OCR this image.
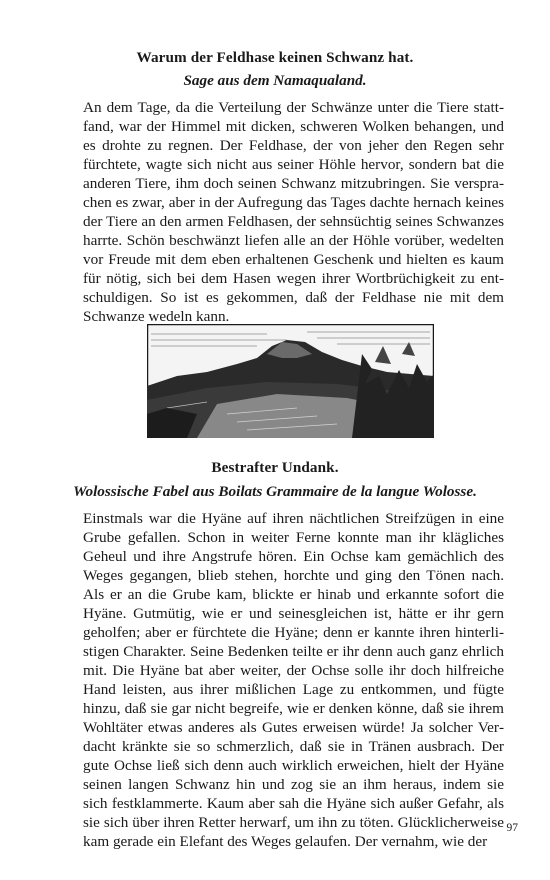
Warum der Feldhase keinen Schwanz hat.
Sage aus dem Namaqualand.

An dem Tage, da die Verteilung der Schwänze unter die Tiere stattfand, war der Himmel mit dicken, schweren Wolken behangen, und es drohte zu regnen. Der Feldhase, der von jeher den Regen sehr fürchtete, wagte sich nicht aus seiner Höhle hervor, sondern bat die anderen Tiere, ihm doch seinen Schwanz mitzubringen. Sie versprachen es zwar, aber in der Aufregung das Tages dachte hernach keines der Tiere an den armen Feldhasen, der sehnsüchtig seines Schwanzes harrte. Schön beschwänzt liefen alle an der Höhle vorüber, wedelten vor Freude mit dem eben erhaltenen Geschenk und hielten es kaum für nötig, sich bei dem Hasen wegen ihrer Wortbrüchigkeit zu entschuldigen. So ist es gekommen, daß der Feldhase nie mit dem Schwanze wedeln kann.

Bestrafter Undank.
Wolossische Fabel aus Boilats Grammaire de la langue Wolosse.

Einstmals war die Hyäne auf ihren nächtlichen Streifzügen in eine Grube gefallen. Schon in weiter Ferne konnte man ihr klägliches Geheul und ihre Angstrufe hören. Ein Ochse kam gemächlich des Weges gegangen, blieb stehen, horchte und ging den Tönen nach. Als er an die Grube kam, blickte er hinab und erkannte sofort die Hyäne. Gutmütig, wie er und seinesgleichen ist, hätte er ihr gern geholfen; aber er fürchtete die Hyäne; denn er kannte ihren hinterlistigen Charakter. Seine Bedenken teilte er ihr denn auch ganz ehrlich mit. Die Hyäne bat aber weiter, der Ochse solle ihr doch hilfreiche Hand leisten, aus ihrer mißlichen Lage zu entkommen, und fügte hinzu, daß sie gar nicht begreife, wie er denken könne, daß sie ihrem Wohltäter etwas anderes als Gutes erweisen würde! Ja solcher Verdacht kränkte sie so schmerzlich, daß sie in Tränen ausbrach. Der gute Ochse ließ sich denn auch wirklich erweichen, hielt der Hyäne seinen langen Schwanz hin und zog sie an ihm heraus, indem sie sich festklammerte. Kaum aber sah die Hyäne sich außer Gefahr, als sie sich über ihren Retter herwarf, um ihn zu töten. Glücklicherweise kam gerade ein Elefant des Weges gelaufen. Der vernahm, wie der

97
